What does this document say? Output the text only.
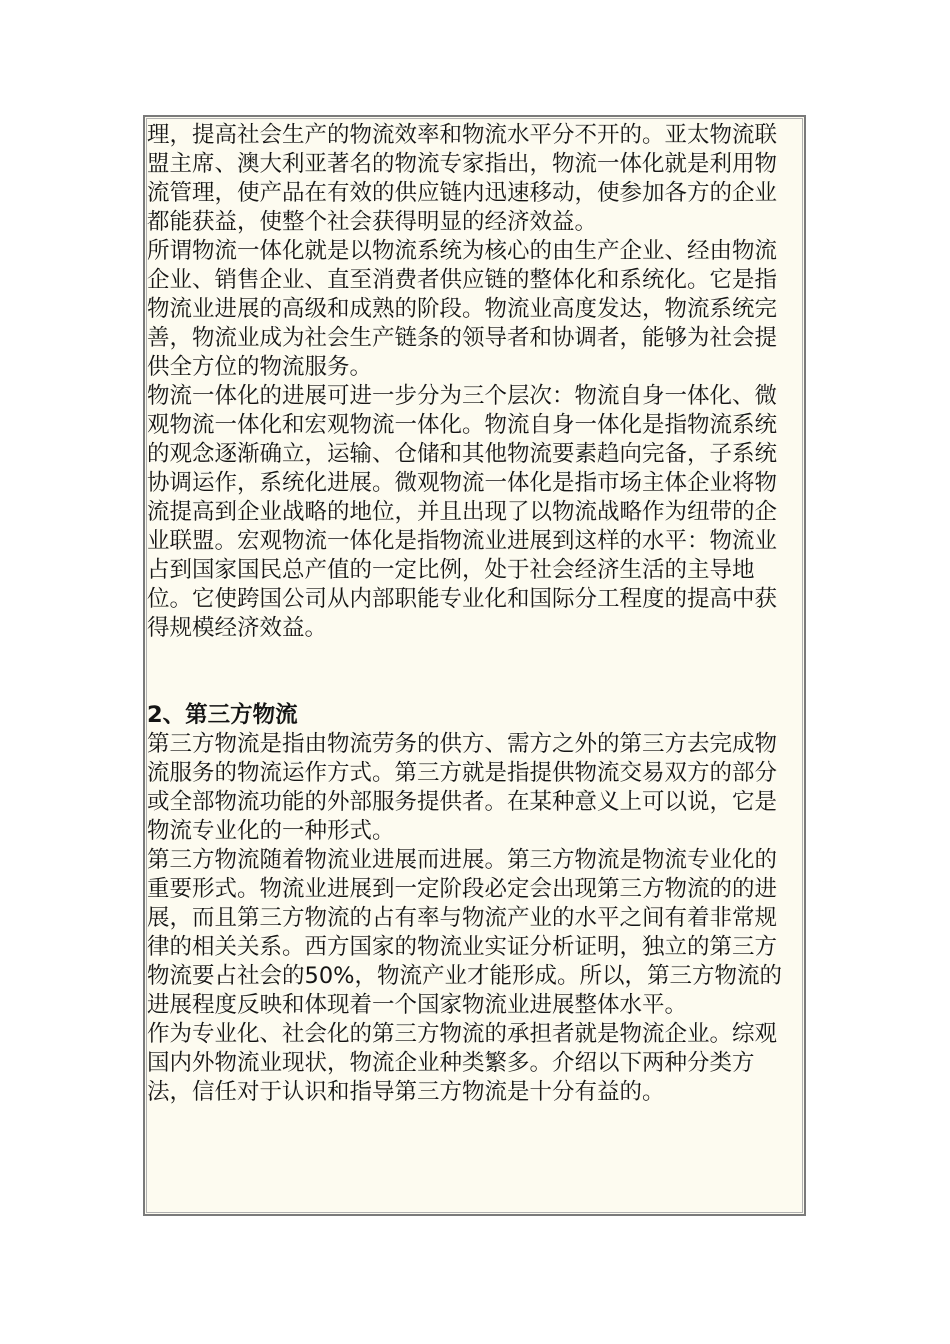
理，提高社会生产的物流效率和物流水平分不开的。亚太物流联盟主席、澳大利亚著名的物流专家指出，物流一体化就是利用物流管理，使产品在有效的供应链内迅速移动，使参加各方的企业都能获益，使整个社会获得明显的经济效益。

所谓物流一体化就是以物流系统为核心的由生产企业、经由物流企业、销售企业、直至消费者供应链的整体化和系统化。它是指物流业进展的高级和成熟的阶段。物流业高度发达，物流系统完善，物流业成为社会生产链条的领导者和协调者，能够为社会提供全方位的物流服务。

物流一体化的进展可进一步分为三个层次：物流自身一体化、微观物流一体化和宏观物流一体化。物流自身一体化是指物流系统的观念逐渐确立，运输、仓储和其他物流要素趋向完备，子系统协调运作，系统化进展。微观物流一体化是指市场主体企业将物流提高到企业战略的地位，并且出现了以物流战略作为纽带的企业联盟。宏观物流一体化是指物流业进展到这样的水平：物流业占到国家国民总产值的一定比例，处于社会经济生活的主导地位。它使跨国公司从内部职能专业化和国际分工程度的提高中获得规模经济效益。

2、第三方物流

第三方物流是指由物流劳务的供方、需方之外的第三方去完成物流服务的物流运作方式。第三方就是指提供物流交易双方的部分或全部物流功能的外部服务提供者。在某种意义上可以说，它是物流专业化的一种形式。

第三方物流随着物流业进展而进展。第三方物流是物流专业化的重要形式。物流业进展到一定阶段必定会出现第三方物流的的进展，而且第三方物流的占有率与物流产业的水平之间有着非常规律的相关关系。西方国家的物流业实证分析证明，独立的第三方物流要占社会的50%，物流产业才能形成。所以，第三方物流的进展程度反映和体现着一个国家物流业进展整体水平。

作为专业化、社会化的第三方物流的承担者就是物流企业。综观国内外物流业现状，物流企业种类繁多。介绍以下两种分类方法，信任对于认识和指导第三方物流是十分有益的。
